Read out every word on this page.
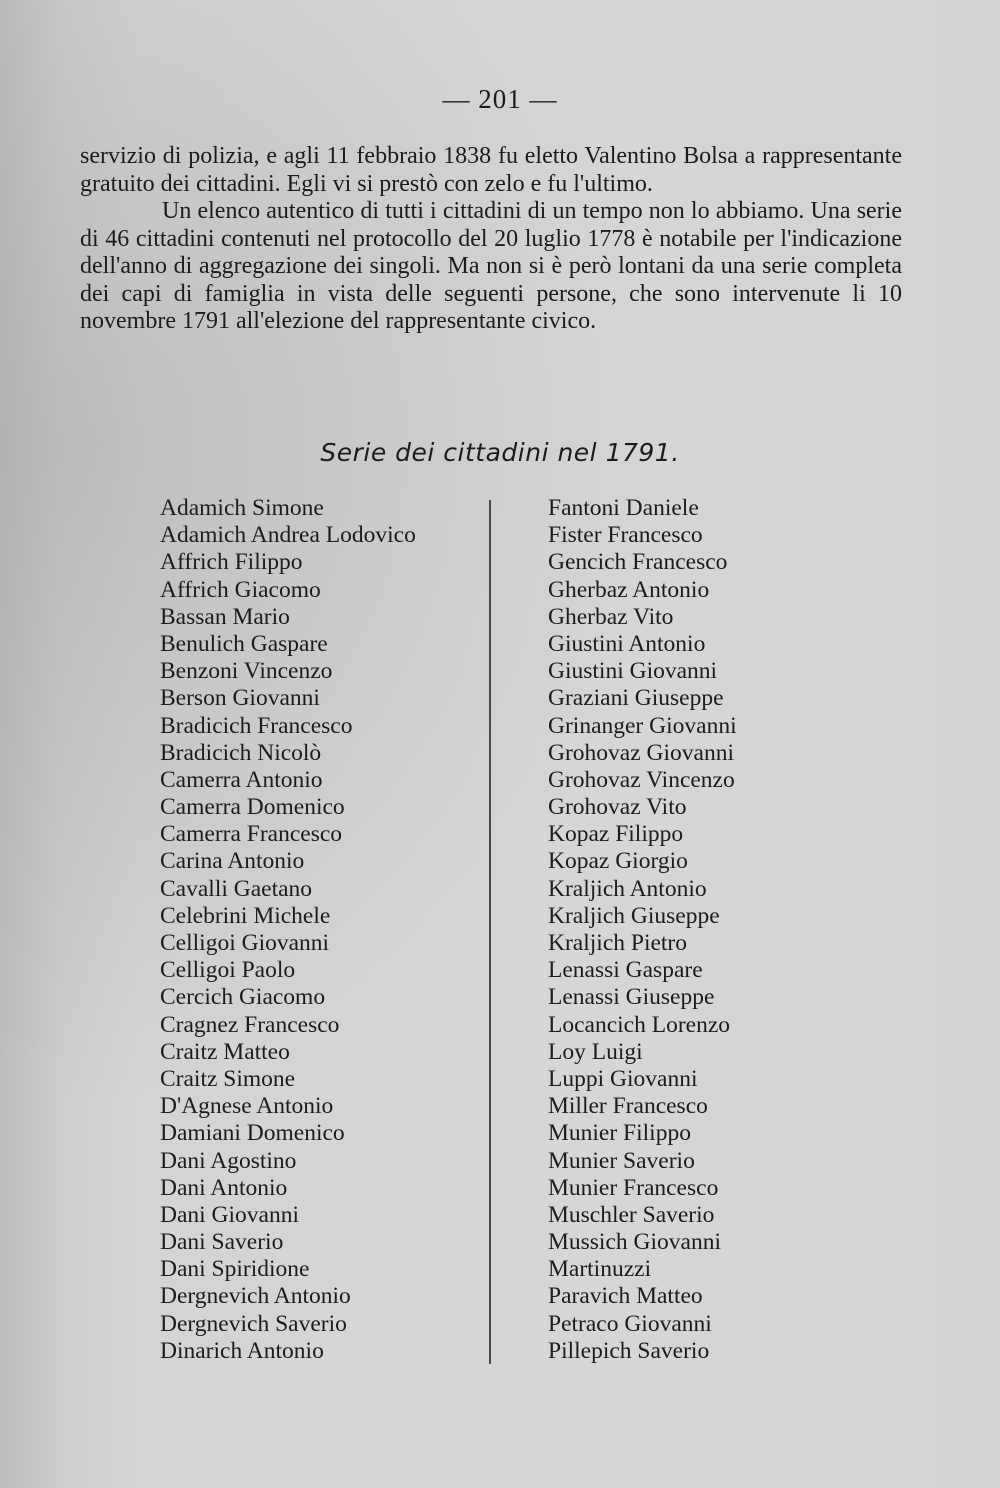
— 201 —

servizio di polizia, e agli 11 febbraio 1838 fu eletto Valentino Bolsa a rappresentante gratuito dei cittadini. Egli vi si prestò con zelo e fu l'ultimo.

Un elenco autentico di tutti i cittadini di un tempo non lo abbiamo. Una serie di 46 cittadini contenuti nel protocollo del 20 luglio 1778 è notabile per l'indicazione dell'anno di aggregazione dei singoli. Ma non si è però lontani da una serie completa dei capi di famiglia in vista delle seguenti persone, che sono intervenute li 10 novembre 1791 all'elezione del rappresentante civico.

Serie dei cittadini nel 1791.
Adamich Simone
Adamich Andrea Lodovico
Affrich Filippo
Affrich Giacomo
Bassan Mario
Benulich Gaspare
Benzoni Vincenzo
Berson Giovanni
Bradicich Francesco
Bradicich Nicolò
Camerra Antonio
Camerra Domenico
Camerra Francesco
Carina Antonio
Cavalli Gaetano
Celebrini Michele
Celligoi Giovanni
Celligoi Paolo
Cercich Giacomo
Cragnez Francesco
Craitz Matteo
Craitz Simone
D'Agnese Antonio
Damiani Domenico
Dani Agostino
Dani Antonio
Dani Giovanni
Dani Saverio
Dani Spiridione
Dergnevich Antonio
Dergnevich Saverio
Dinarich Antonio
Fantoni Daniele
Fister Francesco
Gencich Francesco
Gherbaz Antonio
Gherbaz Vito
Giustini Antonio
Giustini Giovanni
Graziani Giuseppe
Grinanger Giovanni
Grohovaz Giovanni
Grohovaz Vincenzo
Grohovaz Vito
Kopaz Filippo
Kopaz Giorgio
Kraljich Antonio
Kraljich Giuseppe
Kraljich Pietro
Lenassi Gaspare
Lenassi Giuseppe
Locancich Lorenzo
Loy Luigi
Luppi Giovanni
Miller Francesco
Munier Filippo
Munier Saverio
Munier Francesco
Muschler Saverio
Mussich Giovanni
Martinuzzi
Paravich Matteo
Petraco Giovanni
Pillepich Saverio
